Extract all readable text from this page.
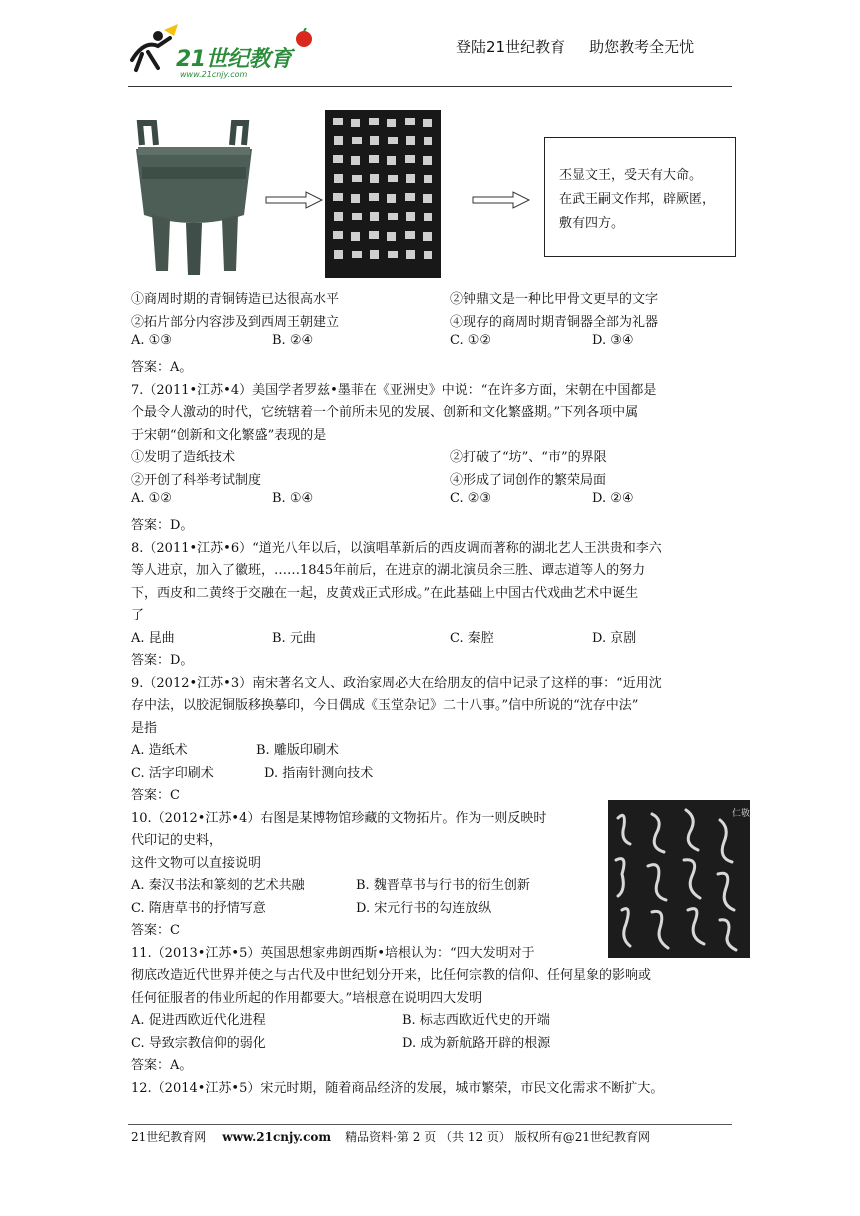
21世纪教育
www.21cnjy.com
登陆21世纪教育 助您教考全无忧
丕显文王，受天有大命。
在武王嗣文作邦，辟厥匿，
敷有四方。
①商周时期的青铜铸造已达很高水平	②钟鼎文是一种比甲骨文更早的文字
②拓片部分内容涉及到西周王朝建立	④现存的商周时期青铜器全部为礼器
A. ①③	B. ②④	C. ①②	D. ③④
答案：A。
7.（2011•江苏•4）美国学者罗兹•墨菲在《亚洲史》中说：“在许多方面，宋朝在中国都是
个最令人激动的时代，它统辖着一个前所未见的发展、创新和文化繁盛期。”下列各项中属
于宋朝“创新和文化繁盛”表现的是
①发明了造纸技术	②打破了“坊”、“市”的界限
②开创了科举考试制度	④形成了词创作的繁荣局面
A. ①②	B. ①④	C. ②③	D. ②④
答案：D。
8.（2011•江苏•6）“道光八年以后，以演唱革新后的西皮调而著称的湖北艺人王洪贵和李六
等人进京，加入了徽班，……1845年前后，在进京的湖北演员余三胜、谭志道等人的努力
下，西皮和二黄终于交融在一起，皮黄戏正式形成。”在此基础上中国古代戏曲艺术中诞生
了
A. 昆曲	B. 元曲	C. 秦腔	D. 京剧
答案：D。
9.（2012•江苏•3）南宋著名文人、政治家周必大在给朋友的信中记录了这样的事：“近用沈
存中法，以胶泥铜版移换摹印，今日偶成《玉堂杂记》二十八事。”信中所说的“沈存中法”
是指
A. 造纸术	B. 雕版印刷术
C. 活字印刷术	D. 指南针测向技术
答案：C
10.（2012•江苏•4）右图是某博物馆珍藏的文物拓片。作为一则反映时
代印记的史料，
这件文物可以直接说明
A. 秦汉书法和篆刻的艺术共融	B. 魏晋草书与行书的衍生创新
C. 隋唐草书的抒情写意	D. 宋元行书的勾连放纵
答案：C
仁敬
11.（2013•江苏•5）英国思想家弗朗西斯•培根认为：“四大发明对于
彻底改造近代世界并使之与古代及中世纪划分开来，比任何宗教的信仰、任何星象的影响或
任何征服者的伟业所起的作用都要大。”培根意在说明四大发明
A. 促进西欧近代化进程	B. 标志西欧近代史的开端
C. 导致宗教信仰的弱化	D. 成为新航路开辟的根源
答案：A。
12.（2014•江苏•5）宋元时期，随着商品经济的发展，城市繁荣，市民文化需求不断扩大。
21世纪教育网 www.21cnjy.com 精品资料·第 2 页 （共 12 页） 版权所有@21世纪教育网
